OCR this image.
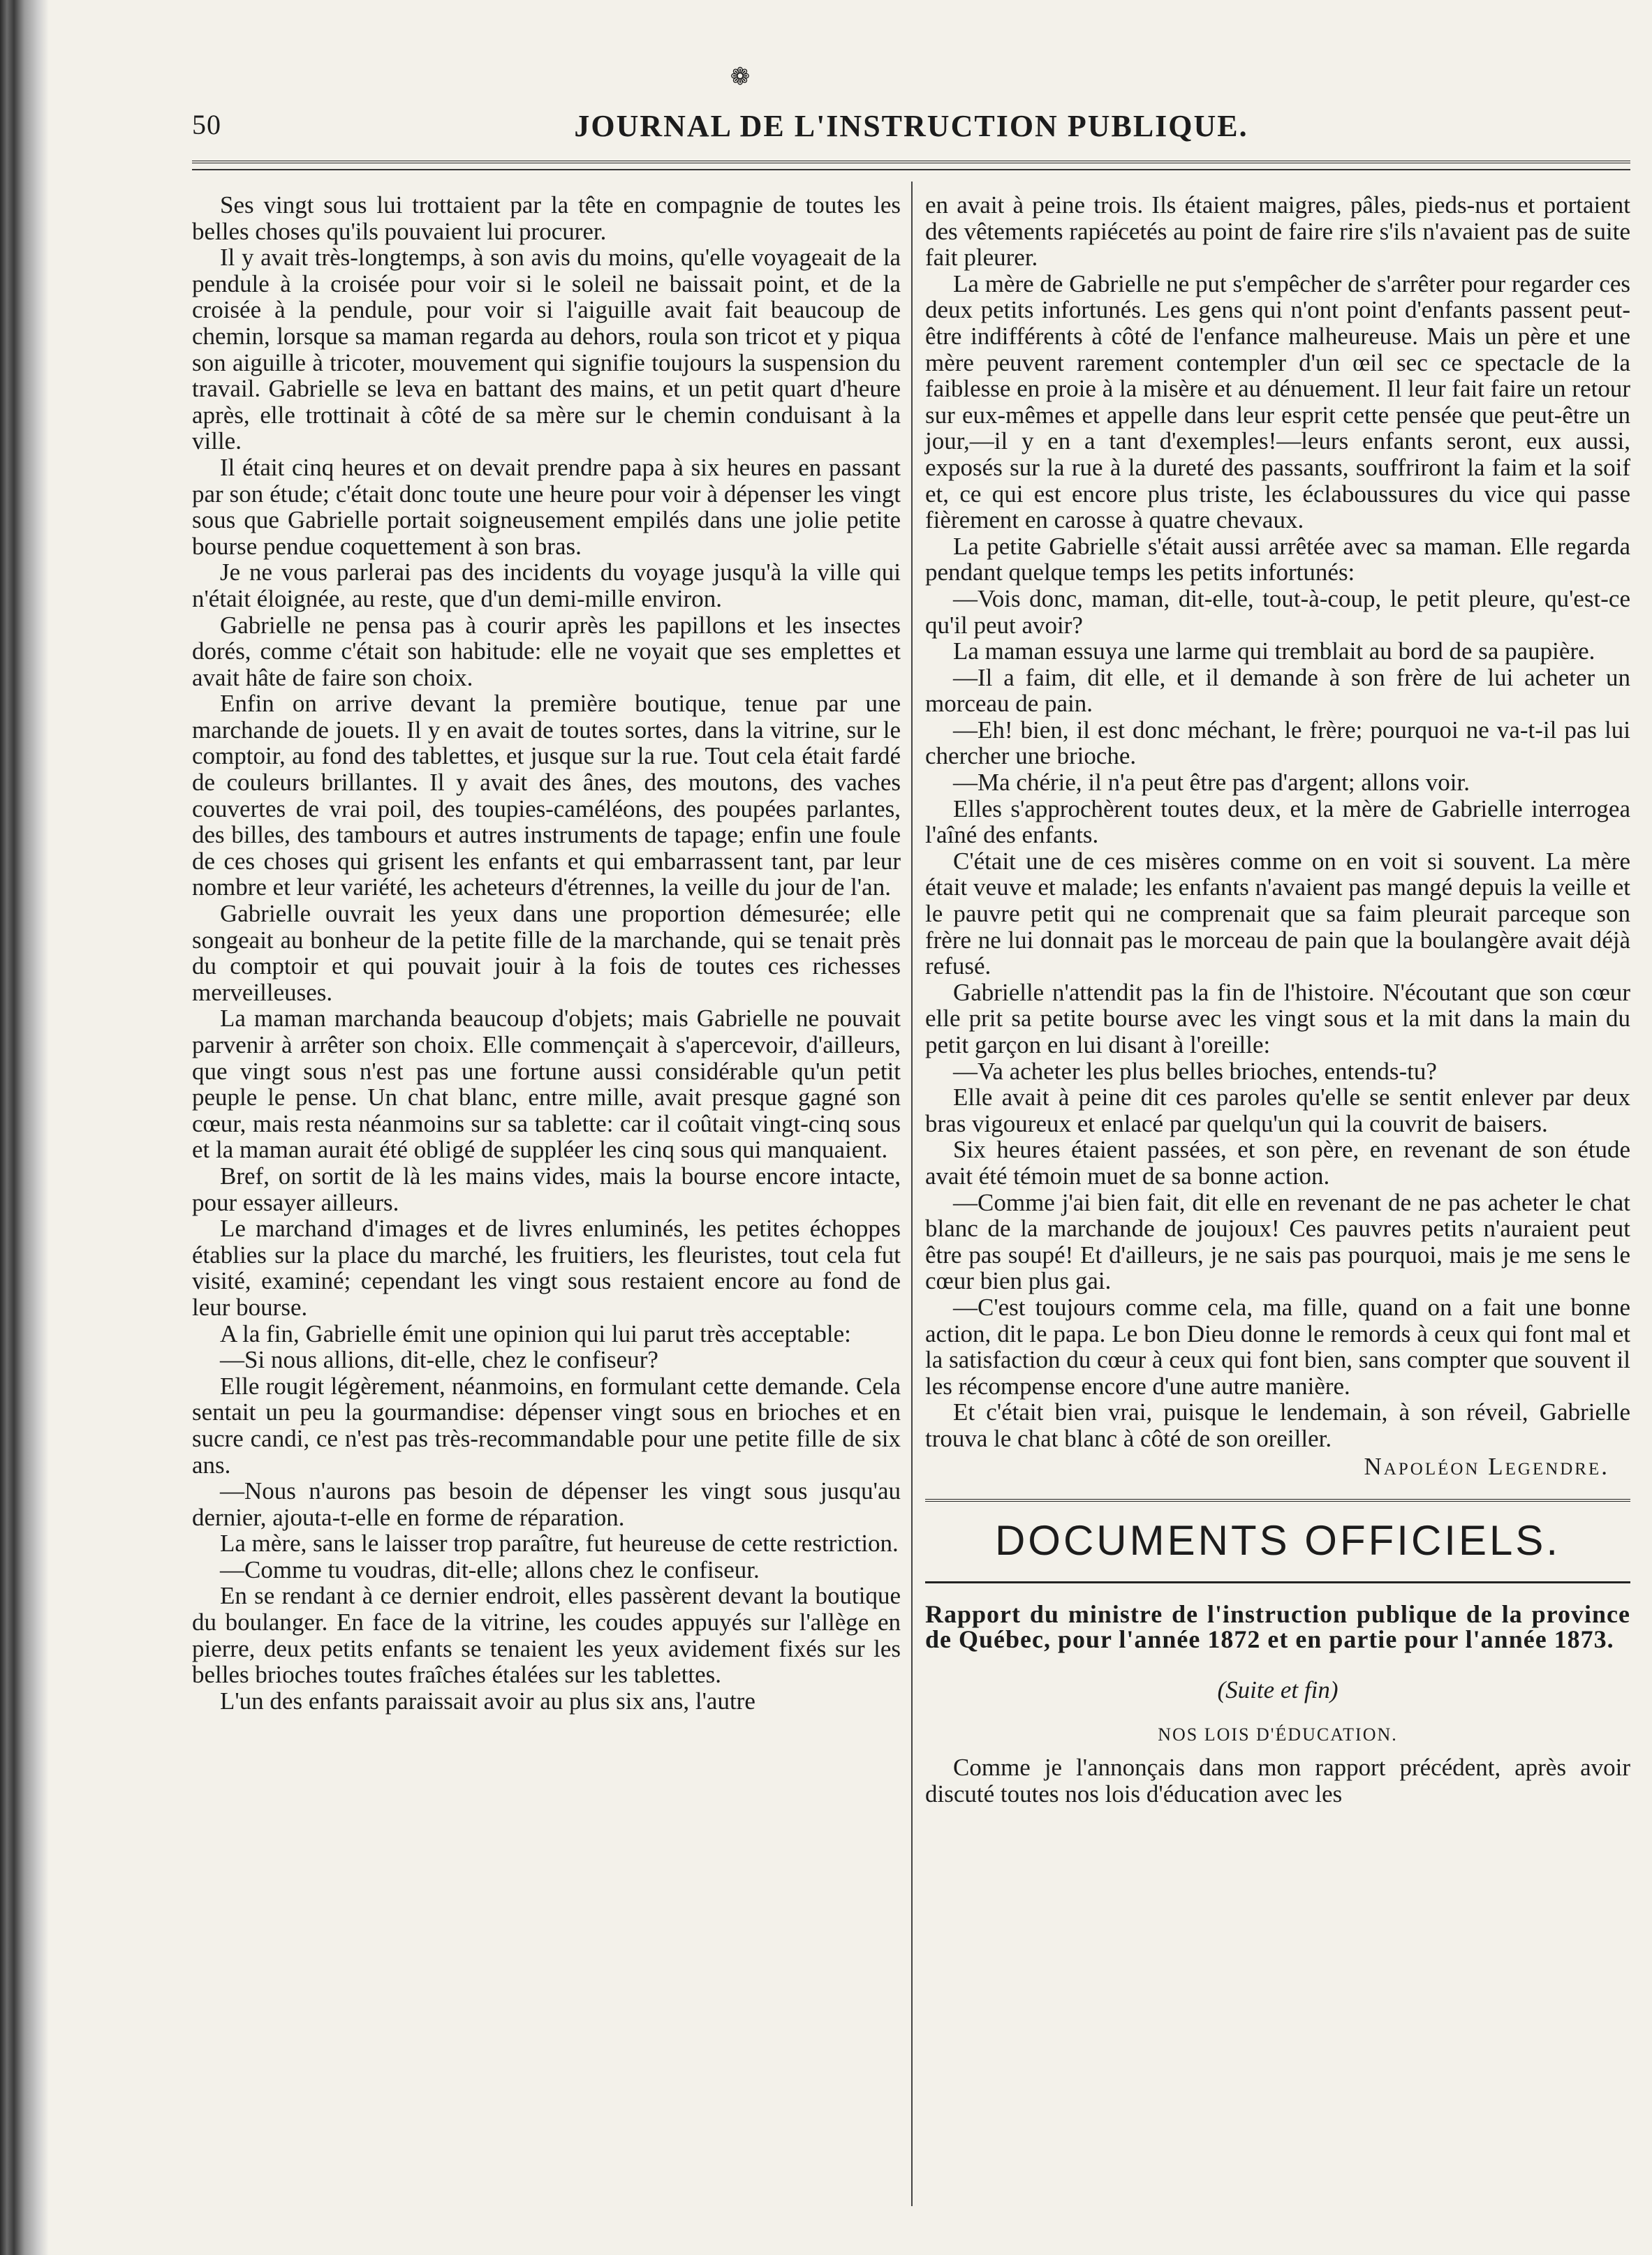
❁
50	JOURNAL DE L'INSTRUCTION PUBLIQUE.

Ses vingt sous lui trottaient par la tête en compagnie de toutes les belles choses qu'ils pouvaient lui procurer.

Il y avait très-longtemps, à son avis du moins, qu'elle voyageait de la pendule à la croisée pour voir si le soleil ne baissait point, et de la croisée à la pendule, pour voir si l'aiguille avait fait beaucoup de chemin, lorsque sa maman regarda au dehors, roula son tricot et y piqua son aiguille à tricoter, mouvement qui signifie toujours la suspension du travail. Gabrielle se leva en battant des mains, et un petit quart d'heure après, elle trottinait à côté de sa mère sur le chemin conduisant à la ville.

Il était cinq heures et on devait prendre papa à six heures en passant par son étude; c'était donc toute une heure pour voir à dépenser les vingt sous que Gabrielle portait soigneusement empilés dans une jolie petite bourse pendue coquettement à son bras.

Je ne vous parlerai pas des incidents du voyage jusqu'à la ville qui n'était éloignée, au reste, que d'un demi-mille environ.

Gabrielle ne pensa pas à courir après les papillons et les insectes dorés, comme c'était son habitude: elle ne voyait que ses emplettes et avait hâte de faire son choix.

Enfin on arrive devant la première boutique, tenue par une marchande de jouets. Il y en avait de toutes sortes, dans la vitrine, sur le comptoir, au fond des tablettes, et jusque sur la rue. Tout cela était fardé de couleurs brillantes. Il y avait des ânes, des moutons, des vaches couvertes de vrai poil, des toupies-caméléons, des poupées parlantes, des billes, des tambours et autres instruments de tapage; enfin une foule de ces choses qui grisent les enfants et qui embarrassent tant, par leur nombre et leur variété, les acheteurs d'étrennes, la veille du jour de l'an.

Gabrielle ouvrait les yeux dans une proportion démesurée; elle songeait au bonheur de la petite fille de la marchande, qui se tenait près du comptoir et qui pouvait jouir à la fois de toutes ces richesses merveilleuses.

La maman marchanda beaucoup d'objets; mais Gabrielle ne pouvait parvenir à arrêter son choix. Elle commençait à s'apercevoir, d'ailleurs, que vingt sous n'est pas une fortune aussi considérable qu'un petit peuple le pense. Un chat blanc, entre mille, avait presque gagné son cœur, mais resta néanmoins sur sa tablette: car il coûtait vingt-cinq sous et la maman aurait été obligé de suppléer les cinq sous qui manquaient.

Bref, on sortit de là les mains vides, mais la bourse encore intacte, pour essayer ailleurs.

Le marchand d'images et de livres enluminés, les petites échoppes établies sur la place du marché, les fruitiers, les fleuristes, tout cela fut visité, examiné; cependant les vingt sous restaient encore au fond de leur bourse.

A la fin, Gabrielle émit une opinion qui lui parut très acceptable:

—Si nous allions, dit-elle, chez le confiseur?

Elle rougit légèrement, néanmoins, en formulant cette demande. Cela sentait un peu la gourmandise: dépenser vingt sous en brioches et en sucre candi, ce n'est pas très-recommandable pour une petite fille de six ans.

—Nous n'aurons pas besoin de dépenser les vingt sous jusqu'au dernier, ajouta-t-elle en forme de réparation.

La mère, sans le laisser trop paraître, fut heureuse de cette restriction.

—Comme tu voudras, dit-elle; allons chez le confiseur.

En se rendant à ce dernier endroit, elles passèrent devant la boutique du boulanger. En face de la vitrine, les coudes appuyés sur l'allège en pierre, deux petits enfants se tenaient les yeux avidement fixés sur les belles brioches toutes fraîches étalées sur les tablettes.

L'un des enfants paraissait avoir au plus six ans, l'autre

en avait à peine trois. Ils étaient maigres, pâles, pieds-nus et portaient des vêtements rapiécetés au point de faire rire s'ils n'avaient pas de suite fait pleurer.

La mère de Gabrielle ne put s'empêcher de s'arrêter pour regarder ces deux petits infortunés. Les gens qui n'ont point d'enfants passent peut-être indifférents à côté de l'enfance malheureuse. Mais un père et une mère peuvent rarement contempler d'un œil sec ce spectacle de la faiblesse en proie à la misère et au dénuement. Il leur fait faire un retour sur eux-mêmes et appelle dans leur esprit cette pensée que peut-être un jour,—il y en a tant d'exemples!—leurs enfants seront, eux aussi, exposés sur la rue à la dureté des passants, souffriront la faim et la soif et, ce qui est encore plus triste, les éclaboussures du vice qui passe fièrement en carosse à quatre chevaux.

La petite Gabrielle s'était aussi arrêtée avec sa maman. Elle regarda pendant quelque temps les petits infortunés:

—Vois donc, maman, dit-elle, tout-à-coup, le petit pleure, qu'est-ce qu'il peut avoir?

La maman essuya une larme qui tremblait au bord de sa paupière.

—Il a faim, dit elle, et il demande à son frère de lui acheter un morceau de pain.

—Eh! bien, il est donc méchant, le frère; pourquoi ne va-t-il pas lui chercher une brioche.

—Ma chérie, il n'a peut être pas d'argent; allons voir.

Elles s'approchèrent toutes deux, et la mère de Gabrielle interrogea l'aîné des enfants.

C'était une de ces misères comme on en voit si souvent. La mère était veuve et malade; les enfants n'avaient pas mangé depuis la veille et le pauvre petit qui ne comprenait que sa faim pleurait parceque son frère ne lui donnait pas le morceau de pain que la boulangère avait déjà refusé.

Gabrielle n'attendit pas la fin de l'histoire. N'écoutant que son cœur elle prit sa petite bourse avec les vingt sous et la mit dans la main du petit garçon en lui disant à l'oreille:

—Va acheter les plus belles brioches, entends-tu?

Elle avait à peine dit ces paroles qu'elle se sentit enlever par deux bras vigoureux et enlacé par quelqu'un qui la couvrit de baisers.

Six heures étaient passées, et son père, en revenant de son étude avait été témoin muet de sa bonne action.

—Comme j'ai bien fait, dit elle en revenant de ne pas acheter le chat blanc de la marchande de joujoux! Ces pauvres petits n'auraient peut être pas soupé! Et d'ailleurs, je ne sais pas pourquoi, mais je me sens le cœur bien plus gai.

—C'est toujours comme cela, ma fille, quand on a fait une bonne action, dit le papa. Le bon Dieu donne le remords à ceux qui font mal et la satisfaction du cœur à ceux qui font bien, sans compter que souvent il les récompense encore d'une autre manière.

Et c'était bien vrai, puisque le lendemain, à son réveil, Gabrielle trouva le chat blanc à côté de son oreiller.

Napoléon Legendre.
DOCUMENTS OFFICIELS.
Rapport du ministre de l'instruction publique de la province de Québec, pour l'année 1872 et en partie pour l'année 1873.
(Suite et fin)
NOS LOIS D'ÉDUCATION.

Comme je l'annonçais dans mon rapport précédent, après avoir discuté toutes nos lois d'éducation avec les
